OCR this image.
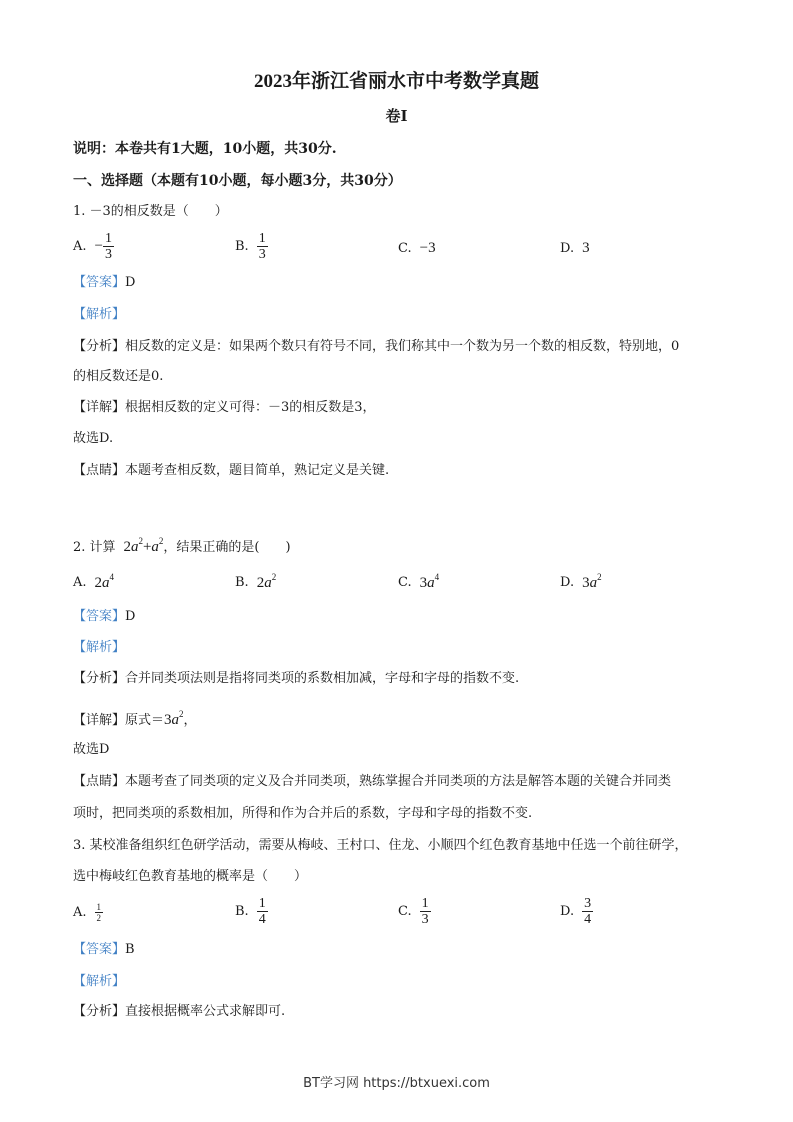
2023年浙江省丽水市中考数学真题
卷Ⅰ
说明：本卷共有1大题，10小题，共30分.
一、选择题（本题有10小题，每小题3分，共30分）
1. －3的相反数是（　　）
A. − $\frac{1}{3}$	B. $\frac{1}{3}$	C. −3	D. 3
【答案】D
【解析】
【分析】相反数的定义是：如果两个数只有符号不同，我们称其中一个数为另一个数的相反数，特别地，0
的相反数还是0.
【详解】根据相反数的定义可得：－3的相反数是3，
故选D.
【点睛】本题考查相反数，题目简单，熟记定义是关键.
2. 计算 $2a^2+a^2$，结果正确的是(　　)
A. $2a^4$	B. $2a^2$	C. $3a^4$	D. $3a^2$
【答案】D
【解析】
【分析】合并同类项法则是指将同类项的系数相加减，字母和字母的指数不变.
【详解】原式$=3a^2$，
故选D
【点睛】本题考查了同类项的定义及合并同类项，熟练掌握合并同类项的方法是解答本题的关键合并同类
项时，把同类项的系数相加，所得和作为合并后的系数，字母和字母的指数不变.
3. 某校准备组织红色研学活动，需要从梅岐、王村口、住龙、小顺四个红色教育基地中任选一个前往研学，
选中梅岐红色教育基地的概率是（　　）
A. $\frac{1}{2}$	B. $\frac{1}{4}$	C. $\frac{1}{3}$	D. $\frac{3}{4}$
【答案】B
【解析】
【分析】直接根据概率公式求解即可.
BT学习网 https://btxuexi.com
